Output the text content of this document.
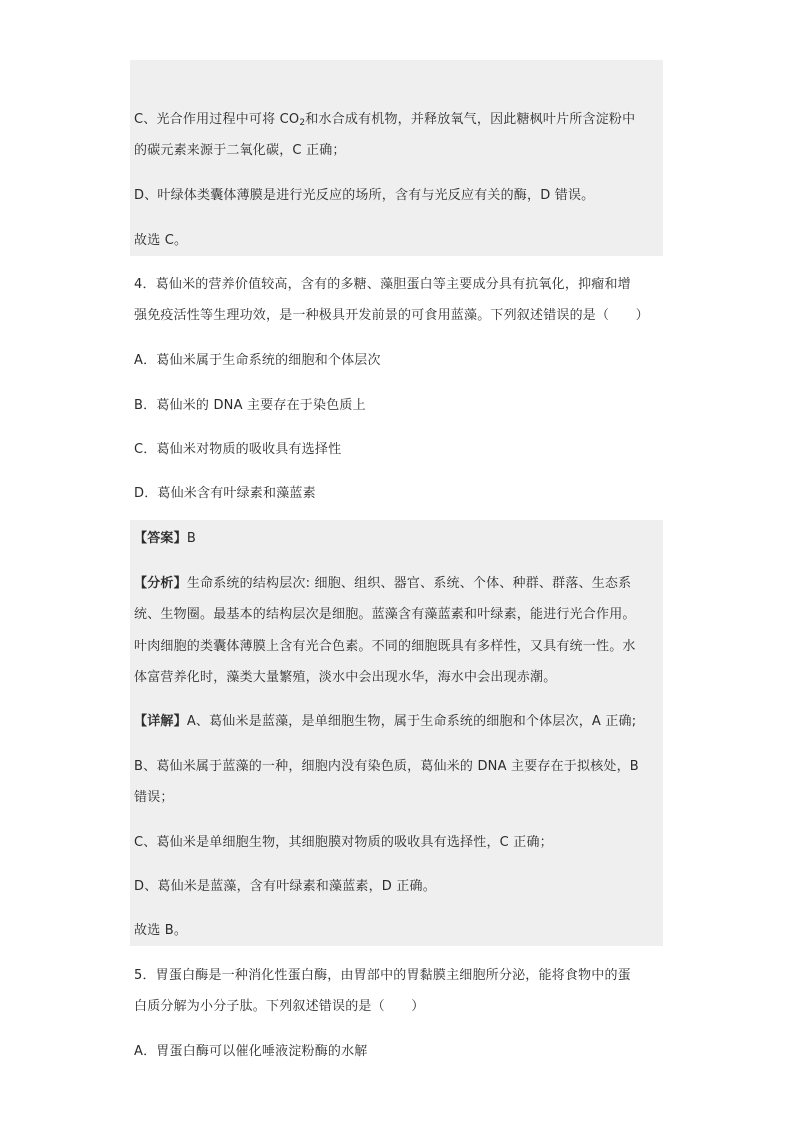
C、光合作用过程中可将 $CO_2$和水合成有机物，并释放氧气，因此糖枫叶片所含淀粉中
的碳元素来源于二氧化碳，C 正确；
D、叶绿体类囊体薄膜是进行光反应的场所，含有与光反应有关的酶，D 错误。
故选 C。
4．葛仙米的营养价值较高，含有的多糖、藻胆蛋白等主要成分具有抗氧化，抑瘤和增
强免疫活性等生理功效，是一种极具开发前景的可食用蓝藻。下列叙述错误的是（　　）
A．葛仙米属于生命系统的细胞和个体层次
B．葛仙米的 DNA 主要存在于染色质上
C．葛仙米对物质的吸收具有选择性
D．葛仙米含有叶绿素和藻蓝素
【答案】B
【分析】生命系统的结构层次: 细胞、组织、器官、系统、个体、种群、群落、生态系
统、生物圈。最基本的结构层次是细胞。蓝藻含有藻蓝素和叶绿素，能进行光合作用。
叶肉细胞的类囊体薄膜上含有光合色素。不同的细胞既具有多样性，又具有统一性。水
体富营养化时，藻类大量繁殖，淡水中会出现水华，海水中会出现赤潮。
【详解】A、葛仙米是蓝藻，是单细胞生物，属于生命系统的细胞和个体层次，A 正确;
B、葛仙米属于蓝藻的一种，细胞内没有染色质，葛仙米的 DNA 主要存在于拟核处，B
错误；
C、葛仙米是单细胞生物，其细胞膜对物质的吸收具有选择性，C 正确；
D、葛仙米是蓝藻，含有叶绿素和藻蓝素，D 正确。
故选 B。
5．胃蛋白酶是一种消化性蛋白酶，由胃部中的胃黏膜主细胞所分泌，能将食物中的蛋
白质分解为小分子肽。下列叙述错误的是（　　）
A．胃蛋白酶可以催化唾液淀粉酶的水解
